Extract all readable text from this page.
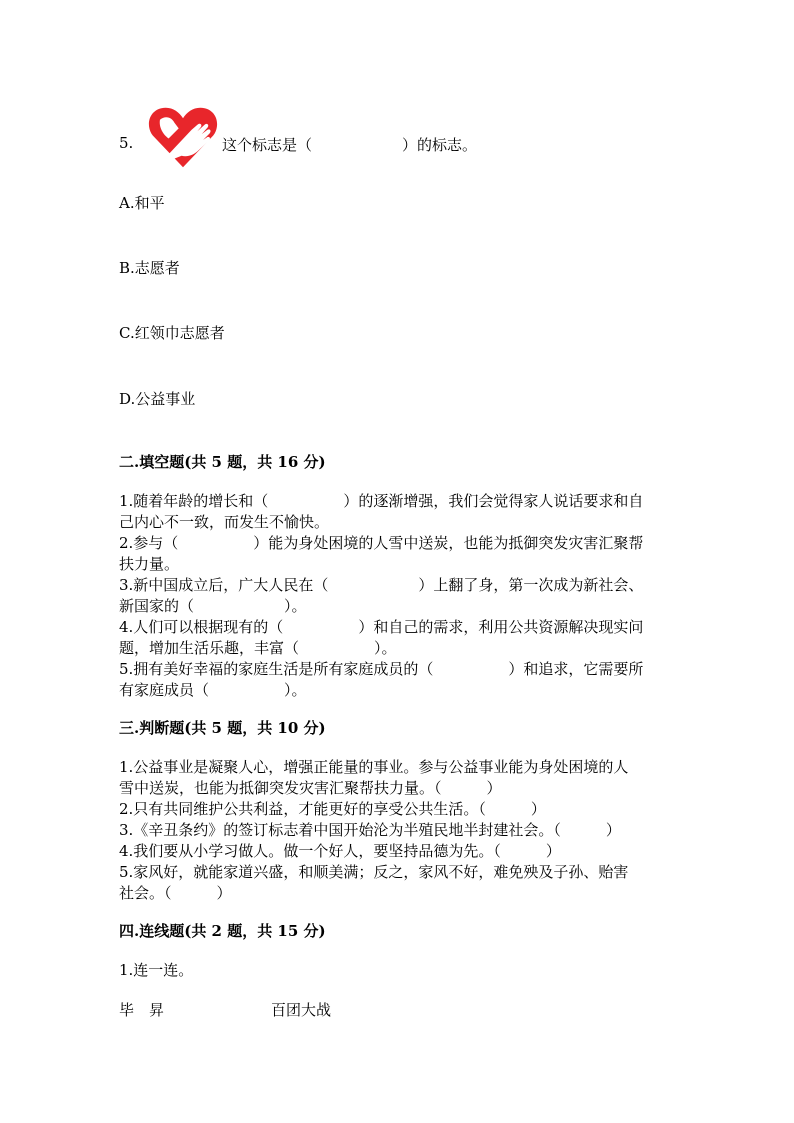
5.	这个标志是（　　　　　　）的标志。
A.和平
B.志愿者
C.红领巾志愿者
D.公益事业
二.填空题(共 5 题，共 16 分)
1.随着年龄的增长和（　　　　　）的逐渐增强，我们会觉得家人说话要求和自
己内心不一致，而发生不愉快。
2.参与（　　　　　）能为身处困境的人雪中送炭，也能为抵御突发灾害汇聚帮
扶力量。
3.新中国成立后，广大人民在（　　　　　　）上翻了身，第一次成为新社会、
新国家的（　　　　　　）。
4.人们可以根据现有的（　　　　　）和自己的需求，利用公共资源解决现实问
题，增加生活乐趣，丰富（　　　　　）。
5.拥有美好幸福的家庭生活是所有家庭成员的（　　　　　）和追求，它需要所
有家庭成员（　　　　　）。
三.判断题(共 5 题，共 10 分)
1.公益事业是凝聚人心，增强正能量的事业。参与公益事业能为身处困境的人
雪中送炭，也能为抵御突发灾害汇聚帮扶力量。（　　　）
2.只有共同维护公共利益，才能更好的享受公共生活。（　　　）
3.《辛丑条约》的签订标志着中国开始沦为半殖民地半封建社会。（　　　）
4.我们要从小学习做人。做一个好人，要坚持品德为先。（　　　）
5.家风好，就能家道兴盛，和顺美满；反之，家风不好，难免殃及子孙、贻害
社会。（　　　）
四.连线题(共 2 题，共 15 分)
1.连一连。
毕　昇	百团大战
